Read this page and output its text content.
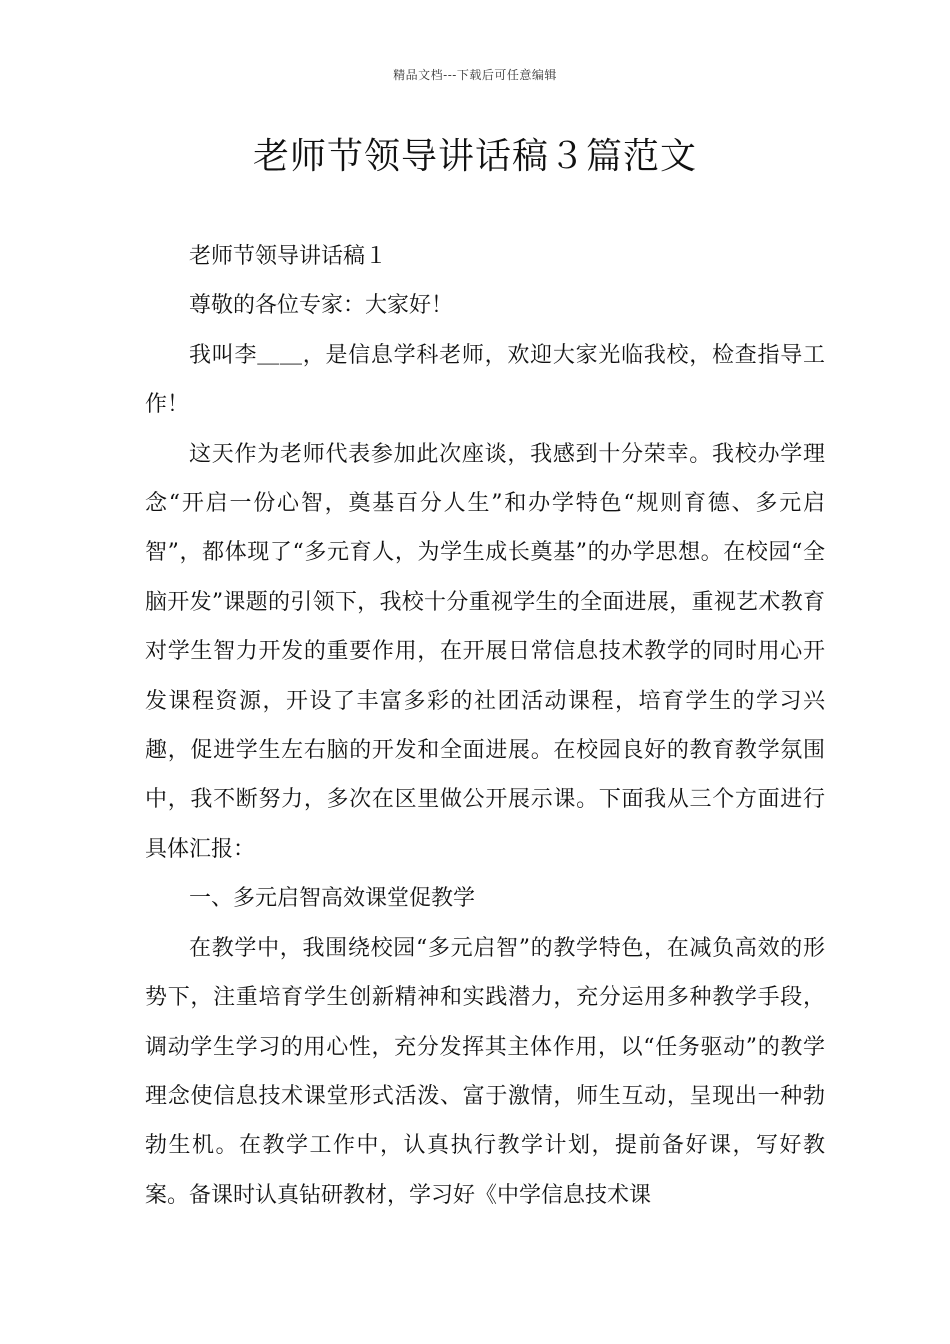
精品文档---下载后可任意编辑
老师节领导讲话稿３篇范文

老师节领导讲话稿１

尊敬的各位专家：大家好！

我叫李＿＿，是信息学科老师，欢迎大家光临我校，检查指导工作！

这天作为老师代表参加此次座谈，我感到十分荣幸。我校办学理念“开启一份心智，奠基百分人生”和办学特色“规则育德、多元启智”，都体现了“多元育人，为学生成长奠基”的办学思想。在校园“全脑开发”课题的引领下，我校十分重视学生的全面进展，重视艺术教育对学生智力开发的重要作用，在开展日常信息技术教学的同时用心开发课程资源，开设了丰富多彩的社团活动课程，培育学生的学习兴趣，促进学生左右脑的开发和全面进展。在校园良好的教育教学氛围中，我不断努力，多次在区里做公开展示课。下面我从三个方面进行具体汇报：

一、多元启智高效课堂促教学

在教学中，我围绕校园“多元启智”的教学特色，在减负高效的形势下，注重培育学生创新精神和实践潜力，充分运用多种教学手段，调动学生学习的用心性，充分发挥其主体作用，以“任务驱动”的教学理念使信息技术课堂形式活泼、富于激情，师生互动，呈现出一种勃勃生机。在教学工作中，认真执行教学计划，提前备好课，写好教案。备课时认真钻研教材，学习好《中学信息技术课
